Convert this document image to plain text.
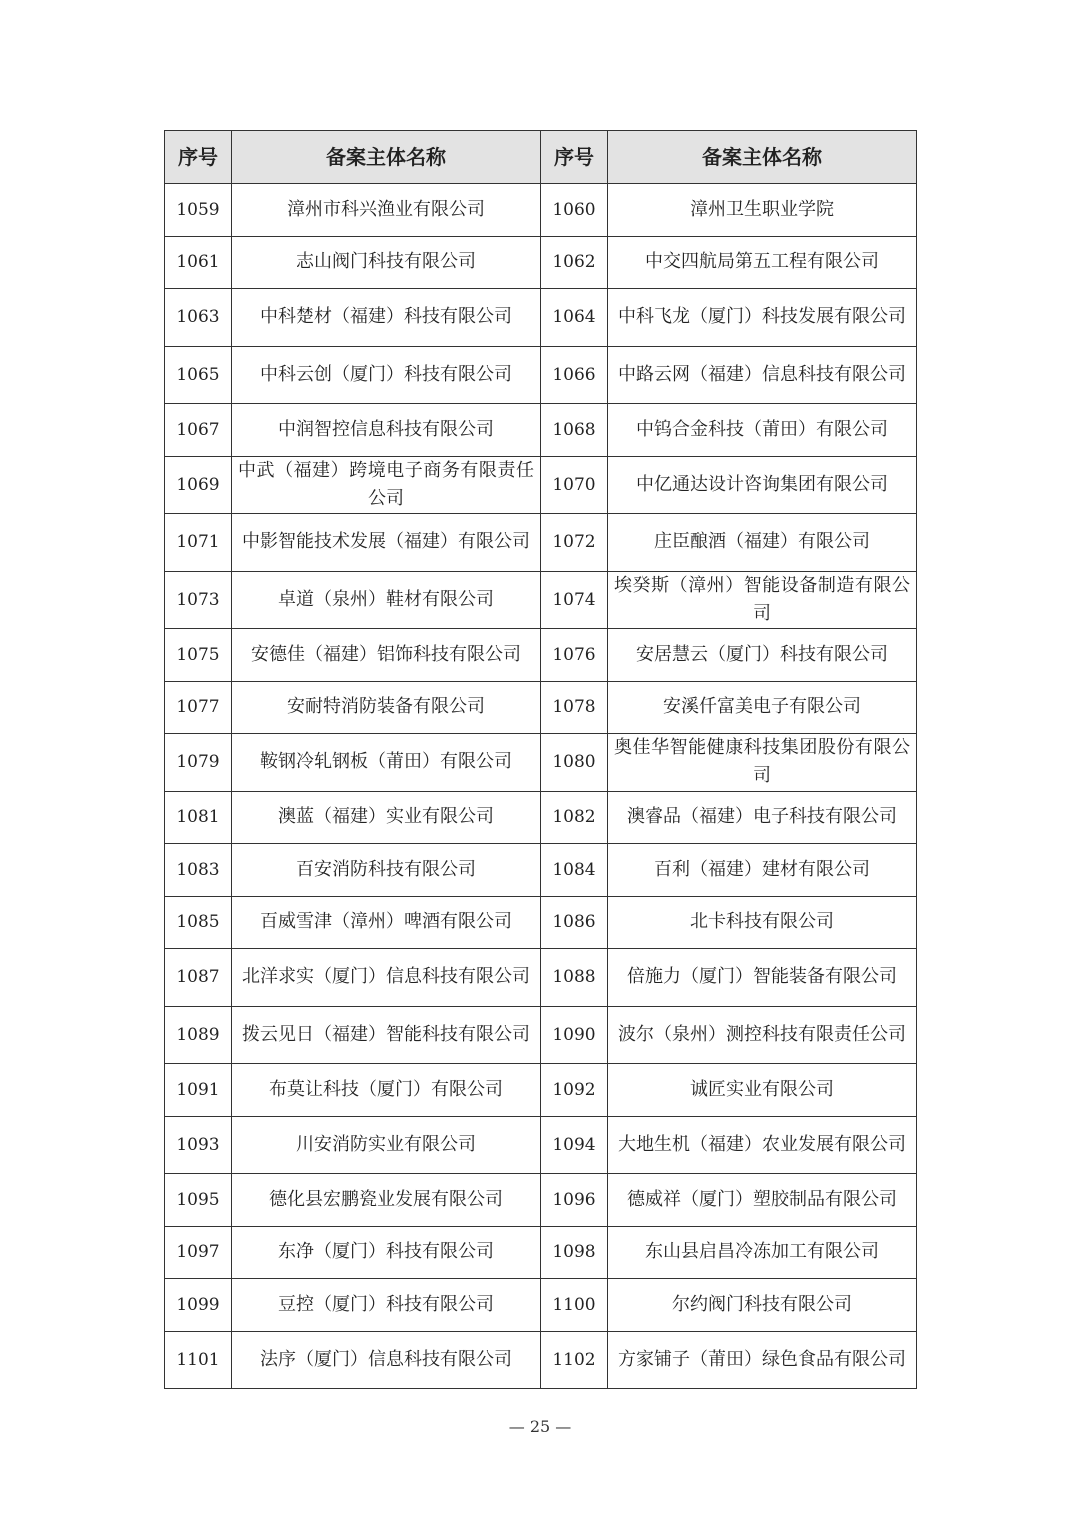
序号	备案主体名称	序号	备案主体名称
1059	漳州市科兴渔业有限公司	1060	漳州卫生职业学院
1061	志山阀门科技有限公司	1062	中交四航局第五工程有限公司
1063	中科楚材（福建）科技有限公司	1064	中科飞龙（厦门）科技发展有限公司
1065	中科云创（厦门）科技有限公司	1066	中路云网（福建）信息科技有限公司
1067	中润智控信息科技有限公司	1068	中钨合金科技（莆田）有限公司
1069	中武（福建）跨境电子商务有限责任公司	1070	中亿通达设计咨询集团有限公司
1071	中影智能技术发展（福建）有限公司	1072	庄臣酿酒（福建）有限公司
1073	卓道（泉州）鞋材有限公司	1074	埃癸斯（漳州）智能设备制造有限公司
1075	安德佳（福建）铝饰科技有限公司	1076	安居慧云（厦门）科技有限公司
1077	安耐特消防装备有限公司	1078	安溪仟富美电子有限公司
1079	鞍钢冷轧钢板（莆田）有限公司	1080	奥佳华智能健康科技集团股份有限公司
1081	澳蓝（福建）实业有限公司	1082	澳睿品（福建）电子科技有限公司
1083	百安消防科技有限公司	1084	百利（福建）建材有限公司
1085	百威雪津（漳州）啤酒有限公司	1086	北卡科技有限公司
1087	北洋求实（厦门）信息科技有限公司	1088	倍施力（厦门）智能装备有限公司
1089	拨云见日（福建）智能科技有限公司	1090	波尔（泉州）测控科技有限责任公司
1091	布莫让科技（厦门）有限公司	1092	诚匠实业有限公司
1093	川安消防实业有限公司	1094	大地生机（福建）农业发展有限公司
1095	德化县宏鹏瓷业发展有限公司	1096	德威祥（厦门）塑胶制品有限公司
1097	东净（厦门）科技有限公司	1098	东山县启昌冷冻加工有限公司
1099	豆控（厦门）科技有限公司	1100	尔约阀门科技有限公司
1101	法序（厦门）信息科技有限公司	1102	方家铺子（莆田）绿色食品有限公司
— 25 —
